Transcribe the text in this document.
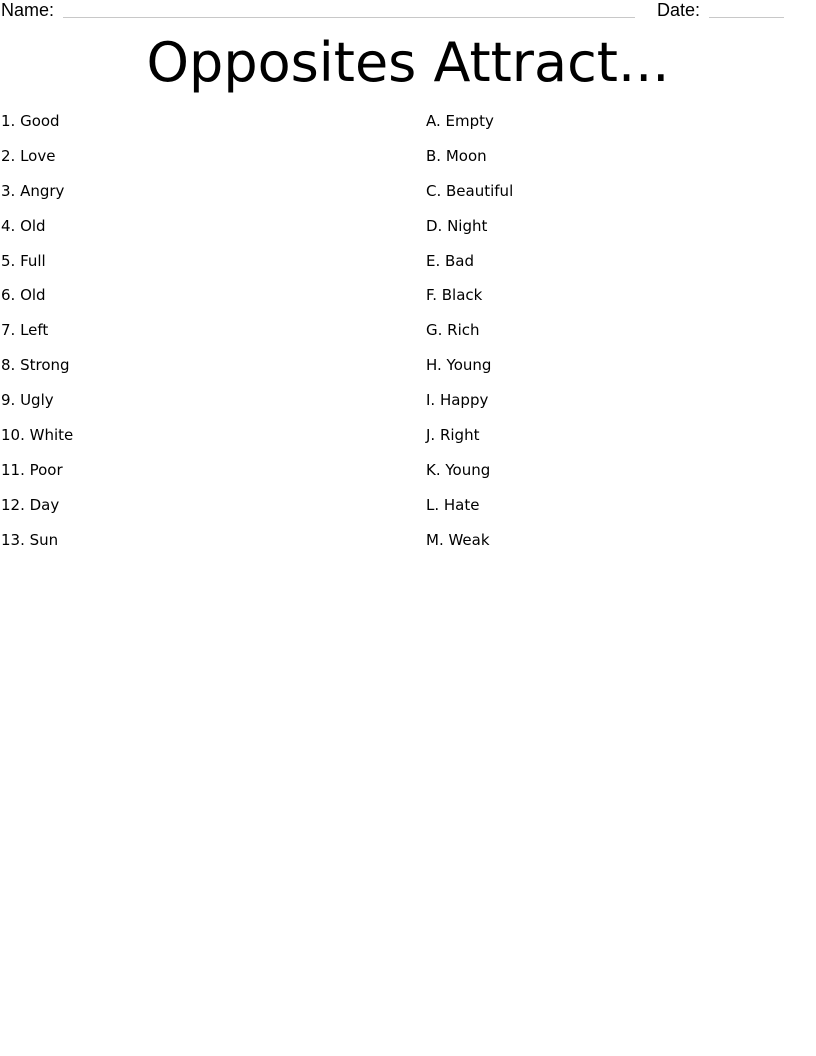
Name:	Date:
Opposites Attract...
1. Good
2. Love
3. Angry
4. Old
5. Full
6. Old
7. Left
8. Strong
9. Ugly
10. White
11. Poor
12. Day
13. Sun
A. Empty
B. Moon
C. Beautiful
D. Night
E. Bad
F. Black
G. Rich
H. Young
I. Happy
J. Right
K. Young
L. Hate
M. Weak
